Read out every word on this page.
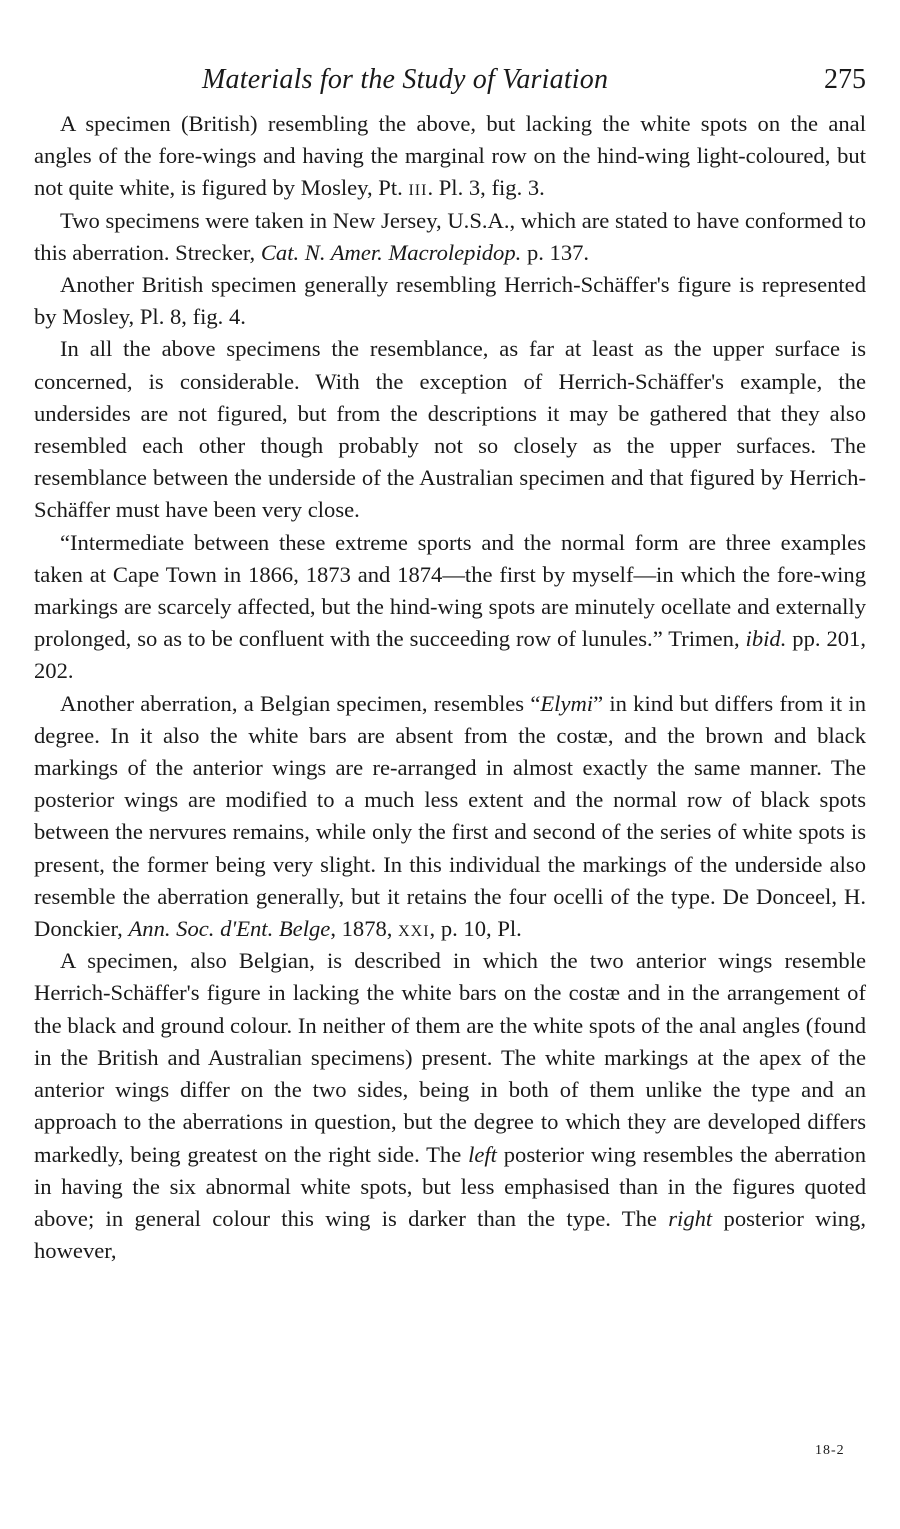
Materials for the Study of Variation	275

A specimen (British) resembling the above, but lacking the white spots on the anal angles of the fore-wings and having the marginal row on the hind-wing light-coloured, but not quite white, is figured by Mosley, Pt. iii. Pl. 3, fig. 3.

Two specimens were taken in New Jersey, U.S.A., which are stated to have conformed to this aberration. Strecker, Cat. N. Amer. Macrolepidop. p. 137.

Another British specimen generally resembling Herrich-Schäffer's figure is represented by Mosley, Pl. 8, fig. 4.

In all the above specimens the resemblance, as far at least as the upper surface is concerned, is considerable. With the exception of Herrich-Schäffer's example, the undersides are not figured, but from the descriptions it may be gathered that they also resembled each other though probably not so closely as the upper surfaces. The resemblance between the underside of the Australian specimen and that figured by Herrich-Schäffer must have been very close.

“Intermediate between these extreme sports and the normal form are three examples taken at Cape Town in 1866, 1873 and 1874—the first by myself—in which the fore-wing markings are scarcely affected, but the hind-wing spots are minutely ocellate and externally prolonged, so as to be confluent with the succeeding row of lunules.” Trimen, ibid. pp. 201, 202.

Another aberration, a Belgian specimen, resembles “Elymi” in kind but differs from it in degree. In it also the white bars are absent from the costæ, and the brown and black markings of the anterior wings are re-arranged in almost exactly the same manner. The posterior wings are modified to a much less extent and the normal row of black spots between the nervures remains, while only the first and second of the series of white spots is present, the former being very slight. In this individual the markings of the underside also resemble the aberration generally, but it retains the four ocelli of the type. De Donceel, H. Donckier, Ann. Soc. d'Ent. Belge, 1878, xxi, p. 10, Pl.

A specimen, also Belgian, is described in which the two anterior wings resemble Herrich-Schäffer's figure in lacking the white bars on the costæ and in the arrangement of the black and ground colour. In neither of them are the white spots of the anal angles (found in the British and Australian specimens) present. The white markings at the apex of the anterior wings differ on the two sides, being in both of them unlike the type and an approach to the aberrations in question, but the degree to which they are developed differs markedly, being greatest on the right side. The left posterior wing resembles the aberration in having the six abnormal white spots, but less emphasised than in the figures quoted above; in general colour this wing is darker than the type. The right posterior wing, however,

18-2
